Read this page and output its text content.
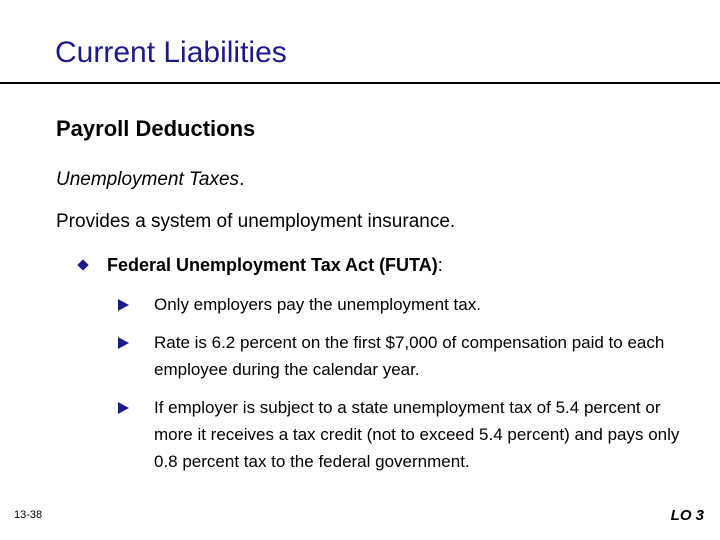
Current Liabilities
Payroll Deductions
Unemployment Taxes.
Provides a system of unemployment insurance.
Federal Unemployment Tax Act (FUTA):
Only employers pay the unemployment tax.
Rate is 6.2 percent on the first $7,000 of compensation paid to each employee during the calendar year.
If employer is subject to a state unemployment tax of 5.4 percent or more it receives a tax credit (not to exceed 5.4 percent) and pays only 0.8 percent tax to the federal government.
13-38	LO 3
